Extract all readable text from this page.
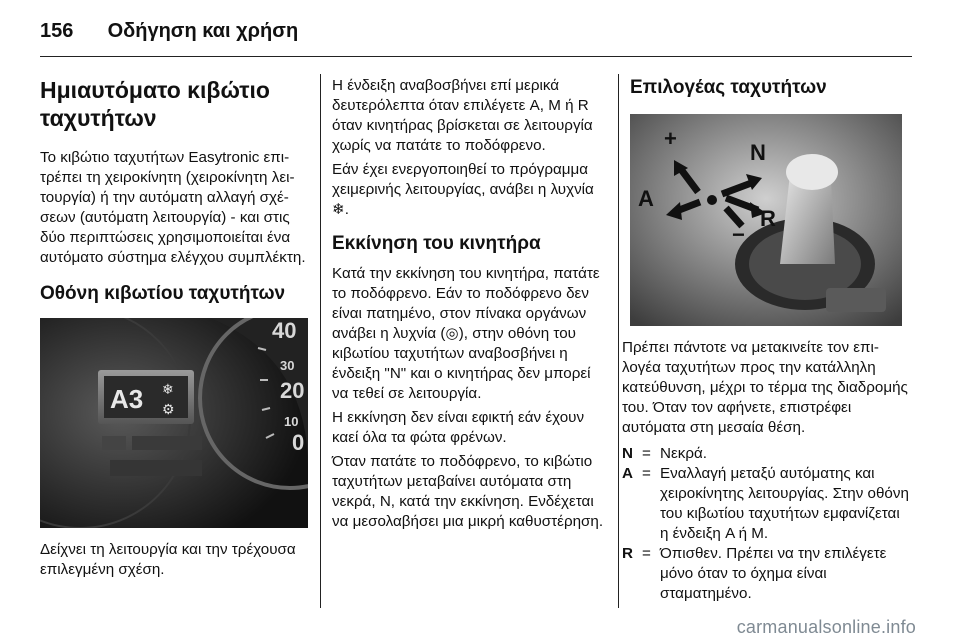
156 Οδήγηση και χρήση
Ημιαυτόματο κιβώτιο ταχυτήτων

Το κιβώτιο ταχυτήτων Easytronic επιτρέπει τη χειροκίνητη (χειροκίνητη λειτουργία) ή την αυτόματη αλλαγή σχέσεων (αυτόματη λειτουργία) - και στις δύο περιπτώσεις χρησιμοποιείται ένα αυτόματο σύστημα ελέγχου συμπλέκτη.

Οθόνη κιβωτίου ταχυτήτων
A3 ❄
⚙
40
30
20
10
0

Δείχνει τη λειτουργία και την τρέχουσα επιλεγμένη σχέση.

Η ένδειξη αναβοσβήνει επί μερικά δευτερόλεπτα όταν επιλέγετε A, M ή R όταν κινητήρας βρίσκεται σε λειτουργία χωρίς να πατάτε το ποδόφρενο.

Εάν έχει ενεργοποιηθεί το πρόγραμμα χειμερινής λειτουργίας, ανάβει η λυχνία ❄.

Εκκίνηση του κινητήρα

Κατά την εκκίνηση του κινητήρα, πατάτε το ποδόφρενο. Εάν το ποδόφρενο δεν είναι πατημένο, στον πίνακα οργάνων ανάβει η λυχνία (◎), στην οθόνη του κιβωτίου ταχυτήτων αναβοσβήνει η ένδειξη "N" και ο κινητήρας δεν μπορεί να τεθεί σε λειτουργία.

Η εκκίνηση δεν είναι εφικτή εάν έχουν καεί όλα τα φώτα φρένων.

Όταν πατάτε το ποδόφρενο, το κιβώτιο ταχυτήτων μεταβαίνει αυτόματα στη νεκρά, N, κατά την εκκίνηση. Ενδέχεται να μεσολαβήσει μια μικρή καθυστέρηση.

Επιλογέας ταχυτήτων
+
N
A
R
−

Πρέπει πάντοτε να μετακινείτε τον επιλογέα ταχυτήτων προς την κατάλληλη κατεύθυνση, μέχρι το τέρμα της διαδρομής του. Όταν τον αφήνετε, επιστρέφει αυτόματα στη μεσαία θέση.

N = Νεκρά.
A = Εναλλαγή μεταξύ αυτόματης και χειροκίνητης λειτουργίας. Στην οθόνη του κιβωτίου ταχυτήτων εμφανίζεται η ένδειξη A ή M.
R = Όπισθεν. Πρέπει να την επιλέγετε μόνο όταν το όχημα είναι σταματημένο.
carmanualsonline.info
